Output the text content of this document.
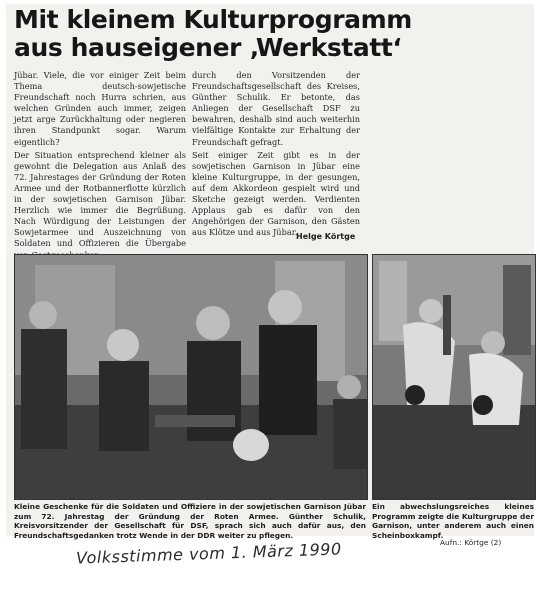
Mit kleinem Kulturprogramm
aus hauseigener ‚Werkstatt‘

Jübar. Viele, die vor einiger Zeit beim Thema deutsch-sowjetische Freundschaft noch Hurra schrien, aus welchen Gründen auch immer, zeigen jetzt arge Zurückhaltung oder negieren ihren Standpunkt sogar. Warum eigentlich?

Der Situation entsprechend kleiner als gewohnt die Delegation aus Anlaß des 72. Jahrestages der Gründung der Roten Armee und der Rotbannerflotte kürzlich in der sowjetischen Garnison Jübar. Herzlich wie immer die Begrüßung. Nach Würdigung der Leistungen der Sowjetarmee und Auszeichnung von Soldaten und Offizieren die Übergabe

durch den Vorsitzenden der Freundschaftsgesellschaft des Kreises, Günther Schulik. Er betonte, das Anliegen der Gesellschaft DSF zu bewahren, deshalb sind auch weiterhin vielfältige Kontakte zur Erhaltung der Freundschaft gefragt.

Seit einiger Zeit gibt es in der sowjetischen Garnison in Jübar eine kleine Kulturgruppe, in der gesungen, auf dem Akkordeon gespielt wird und Sketche gezeigt werden. Verdienten Applaus gab es dafür von den Angehörigen der Garnison, den Gästen aus Klötze und aus Jübar.

Helge Körtge
Kleine Geschenke für die Soldaten und Offiziere in der sowjetischen Garnison Jübar zum 72. Jahrestag der Gründung der Roten Armee. Günther Schulik, Kreisvorsitzender der Gesellschaft für DSF, sprach sich auch dafür aus, den Freundschaftsgedanken trotz Wende in der DDR weiter zu pflegen.
Ein abwechslungsreiches kleines Programm zeigte die Kulturgruppe der Garnison, unter anderem auch einen Scheinboxkampf.
Aufn.: Körtge (2)
Volksstimme vom 1. März 1990
